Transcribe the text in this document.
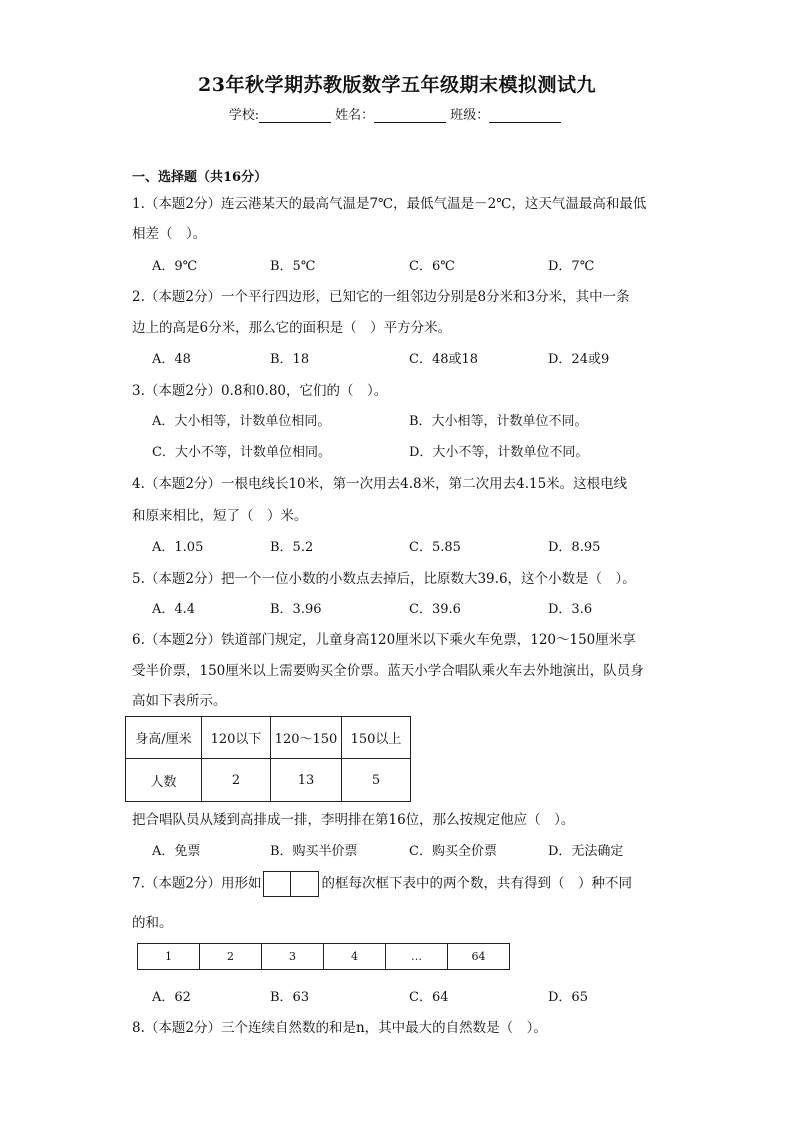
23年秋学期苏教版数学五年级期末模拟测试九
学校:	姓名：	班级：
一、选择题（共16分）
1.（本题2分）连云港某天的最高气温是7℃，最低气温是－2℃，这天气温最高和最低
相差（　）。
A．9℃	B．5℃	C．6℃	D．7℃
2.（本题2分）一个平行四边形，已知它的一组邻边分别是8分米和3分米，其中一条
边上的高是6分米，那么它的面积是（　）平方分米。
A．48	B．18	C．48或18	D．24或9
3.（本题2分）0.8和0.80，它们的（　）。
A．大小相等，计数单位相同。	B．大小相等，计数单位不同。
C．大小不等，计数单位相同。	D．大小不等，计数单位不同。
4.（本题2分）一根电线长10米，第一次用去4.8米，第二次用去4.15米。这根电线
和原来相比，短了（　）米。
A．1.05	B．5.2	C．5.85	D．8.95
5.（本题2分）把一个一位小数的小数点去掉后，比原数大39.6，这个小数是（　）。
A．4.4	B．3.96	C．39.6	D．3.6
6.（本题2分）铁道部门规定，儿童身高120厘米以下乘火车免票，120～150厘米享
受半价票，150厘米以上需要购买全价票。蓝天小学合唱队乘火车去外地演出，队员身
高如下表所示。
身高/厘米	120以下	120～150	150以上
人数	2	13	5
把合唱队员从矮到高排成一排，李明排在第16位，那么按规定他应（　）。
A．免票	B．购买半价票	C．购买全价票	D．无法确定
7.（本题2分）用形如	的框每次框下表中的两个数，共有得到（　）种不同
的和。
1	2	3	4	…	64
A．62	B．63	C．64	D．65
8.（本题2分）三个连续自然数的和是n，其中最大的自然数是（　）。
